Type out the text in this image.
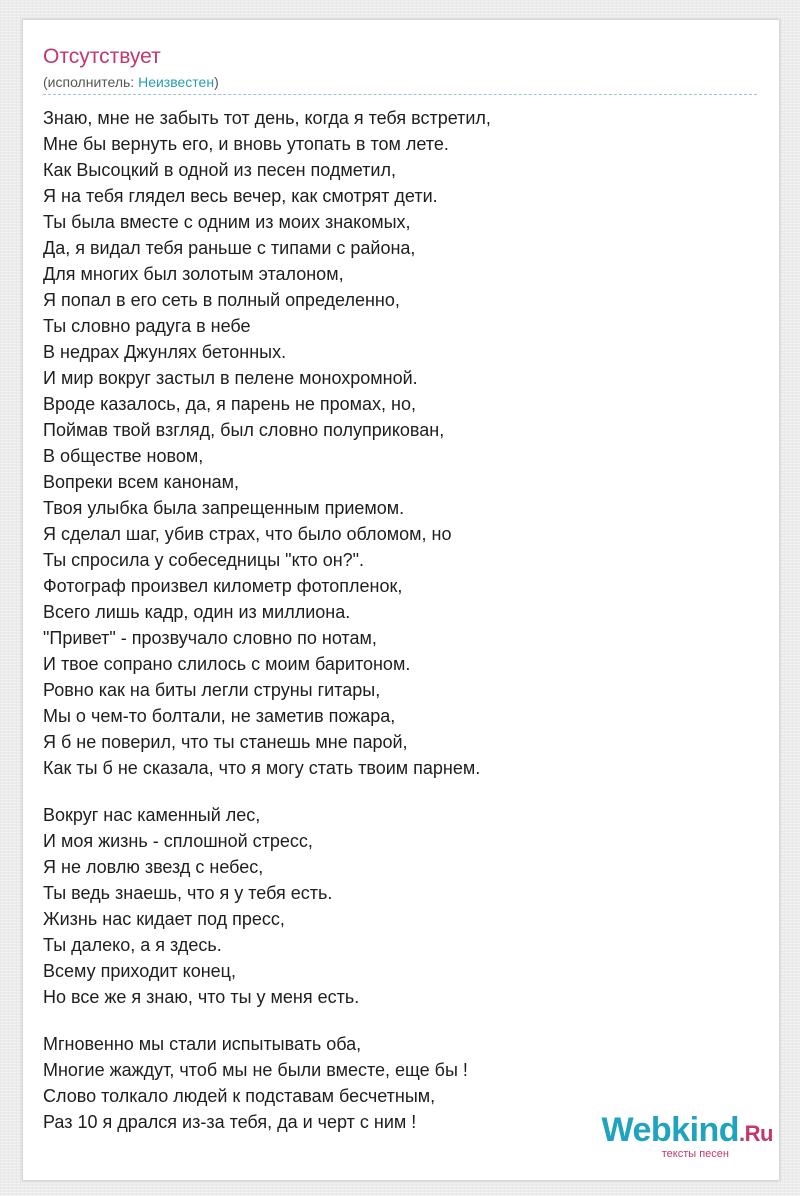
Отсутствует
(исполнитель: Неизвестен)
Знаю, мне не забыть тот день, когда я тебя встретил,
Мне бы вернуть его, и вновь утопать в том лете.
Как Высоцкий в одной из песен подметил,
Я на тебя глядел весь вечер, как смотрят дети.
Ты была вместе с одним из моих знакомых,
Да, я видал тебя раньше с типами с района,
Для многих был золотым эталоном,
Я попал в его сеть в полный определенно,
Ты словно радуга в небе
В недрах Джунлях бетонных.
И мир вокруг застыл в пелене монохромной.
Вроде казалось, да, я парень не промах, но,
Поймав твой взгляд, был словно полуприкован,
В обществе новом,
Вопреки всем канонам,
Твоя улыбка была запрещенным приемом.
Я сделал шаг, убив страх, что было обломом, но
Ты спросила у собеседницы "кто он?".
Фотограф произвел километр фотопленок,
Всего лишь кадр, один из миллиона.
"Привет" - прозвучало словно по нотам,
И твое сопрано слилось с моим баритоном.
Ровно как на биты легли струны гитары,
Мы о чем-то болтали, не заметив пожара,
Я б не поверил, что ты станешь мне парой,
Как ты б не сказала, что я могу стать твоим парнем.
Вокруг нас каменный лес,
И моя жизнь - сплошной стресс,
Я не ловлю звезд с небес,
Ты ведь знаешь, что я у тебя есть.
Жизнь нас кидает под пресс,
Ты далеко, а я здесь.
Всему приходит конец,
Но все же я знаю, что ты у меня есть.
Мгновенно мы стали испытывать оба,
Многие жаждут, чтоб мы не были вместе, еще бы !
Слово толкало людей к подставам бесчетным,
Раз 10 я дрался из-за тебя, да и черт с ним !	Webkind.Ru
тексты песен
